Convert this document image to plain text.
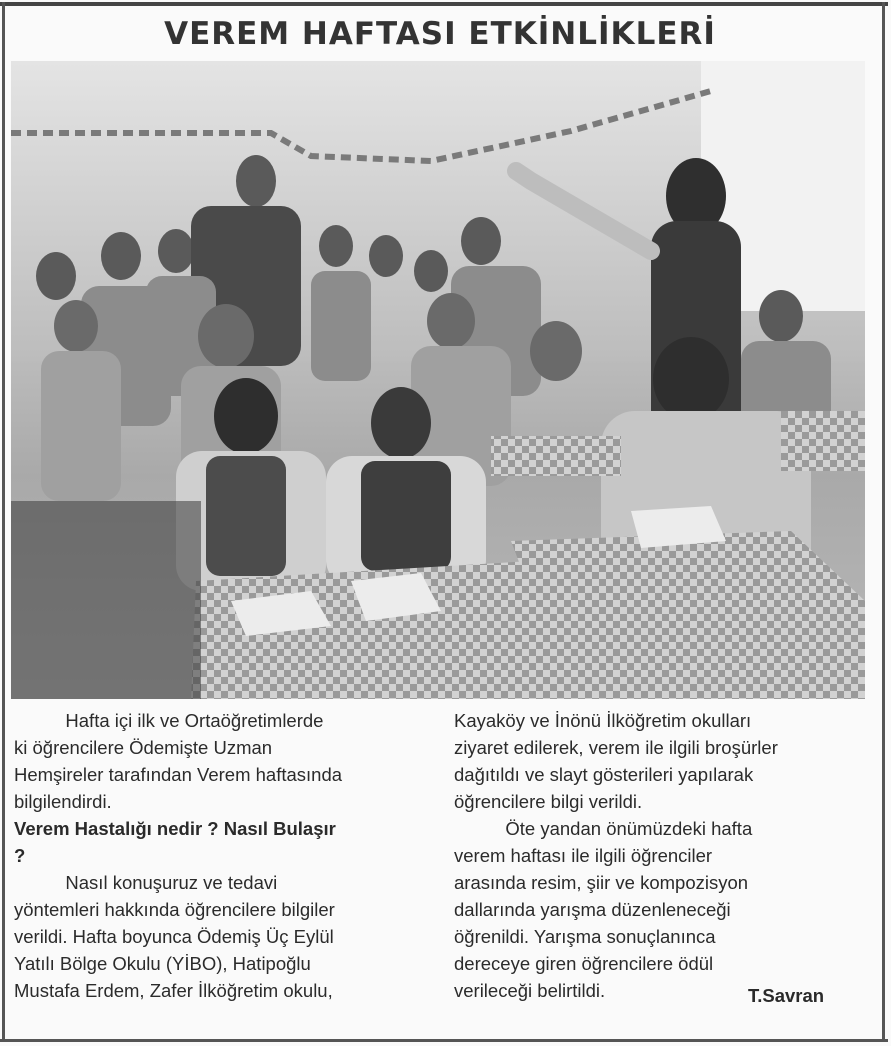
VEREM HAFTASI ETKİNLİKLERİ

Hafta içi ilk ve Ortaöğretimlerde

ki öğrencilere Ödemişte Uzman

Hemşireler tarafından Verem haftasında

bilgilendirdi.

Verem Hastalığı nedir ? Nasıl Bulaşır

?

Nasıl konuşuruz ve tedavi

yöntemleri hakkında öğrencilere bilgiler

verildi. Hafta boyunca Ödemiş Üç Eylül

Yatılı Bölge Okulu (YİBO), Hatipoğlu

Mustafa Erdem, Zafer İlköğretim okulu,

Kayaköy ve İnönü İlköğretim okulları

ziyaret edilerek, verem ile ilgili broşürler

dağıtıldı ve slayt gösterileri yapılarak

öğrencilere bilgi verildi.

Öte yandan önümüzdeki hafta

verem haftası ile ilgili öğrenciler

arasında resim, şiir ve kompozisyon

dallarında yarışma düzenleneceği

öğrenildi. Yarışma sonuçlanınca

dereceye giren öğrencilere ödül

verileceği belirtildi.	T.Savran
